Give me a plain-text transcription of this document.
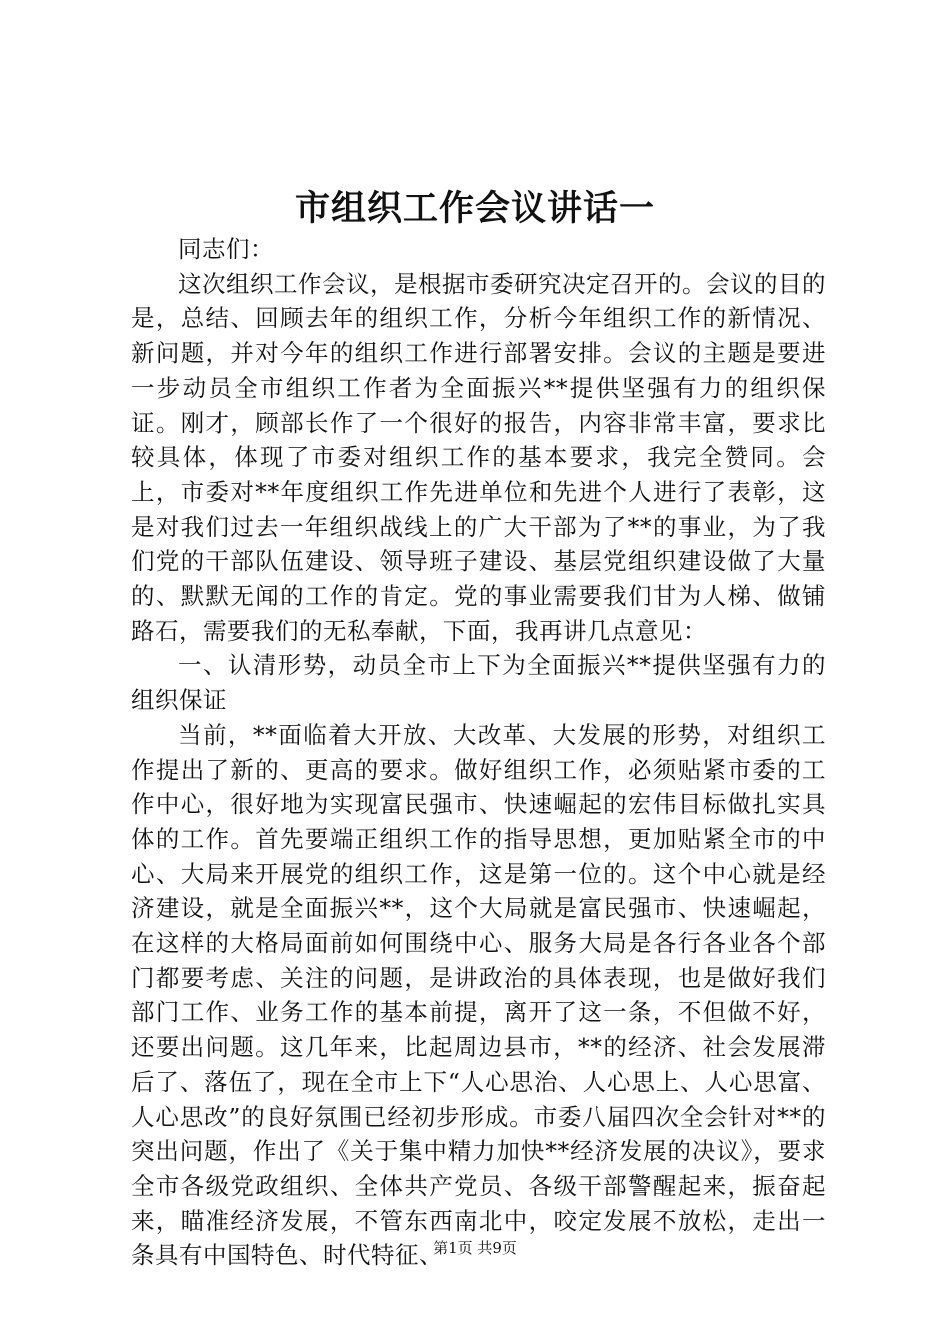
市组织工作会议讲话一

同志们：

这次组织工作会议，是根据市委研究决定召开的。会议的目的是，总结、回顾去年的组织工作，分析今年组织工作的新情况、新问题，并对今年的组织工作进行部署安排。会议的主题是要进一步动员全市组织工作者为全面振兴**提供坚强有力的组织保证。刚才，顾部长作了一个很好的报告，内容非常丰富，要求比较具体，体现了市委对组织工作的基本要求，我完全赞同。会上，市委对**年度组织工作先进单位和先进个人进行了表彰，这是对我们过去一年组织战线上的广大干部为了**的事业，为了我们党的干部队伍建设、领导班子建设、基层党组织建设做了大量的、默默无闻的工作的肯定。党的事业需要我们甘为人梯、做铺路石，需要我们的无私奉献，下面，我再讲几点意见：

一、认清形势，动员全市上下为全面振兴**提供坚强有力的组织保证

当前，**面临着大开放、大改革、大发展的形势，对组织工作提出了新的、更高的要求。做好组织工作，必须贴紧市委的工作中心，很好地为实现富民强市、快速崛起的宏伟目标做扎实具体的工作。首先要端正组织工作的指导思想，更加贴紧全市的中心、大局来开展党的组织工作，这是第一位的。这个中心就是经济建设，就是全面振兴**，这个大局就是富民强市、快速崛起，在这样的大格局面前如何围绕中心、服务大局是各行各业各个部门都要考虑、关注的问题，是讲政治的具体表现，也是做好我们部门工作、业务工作的基本前提，离开了这一条，不但做不好，还要出问题。这几年来，比起周边县市，**的经济、社会发展滞后了、落伍了，现在全市上下“人心思治、人心思上、人心思富、人心思改”的良好氛围已经初步形成。市委八届四次全会针对**的突出问题，作出了《关于集中精力加快**经济发展的决议》，要求全市各级党政组织、全体共产党员、各级干部警醒起来，振奋起来，瞄准经济发展，不管东西南北中，咬定发展不放松，走出一条具有中国特色、时代特征、

第1页 共9页
